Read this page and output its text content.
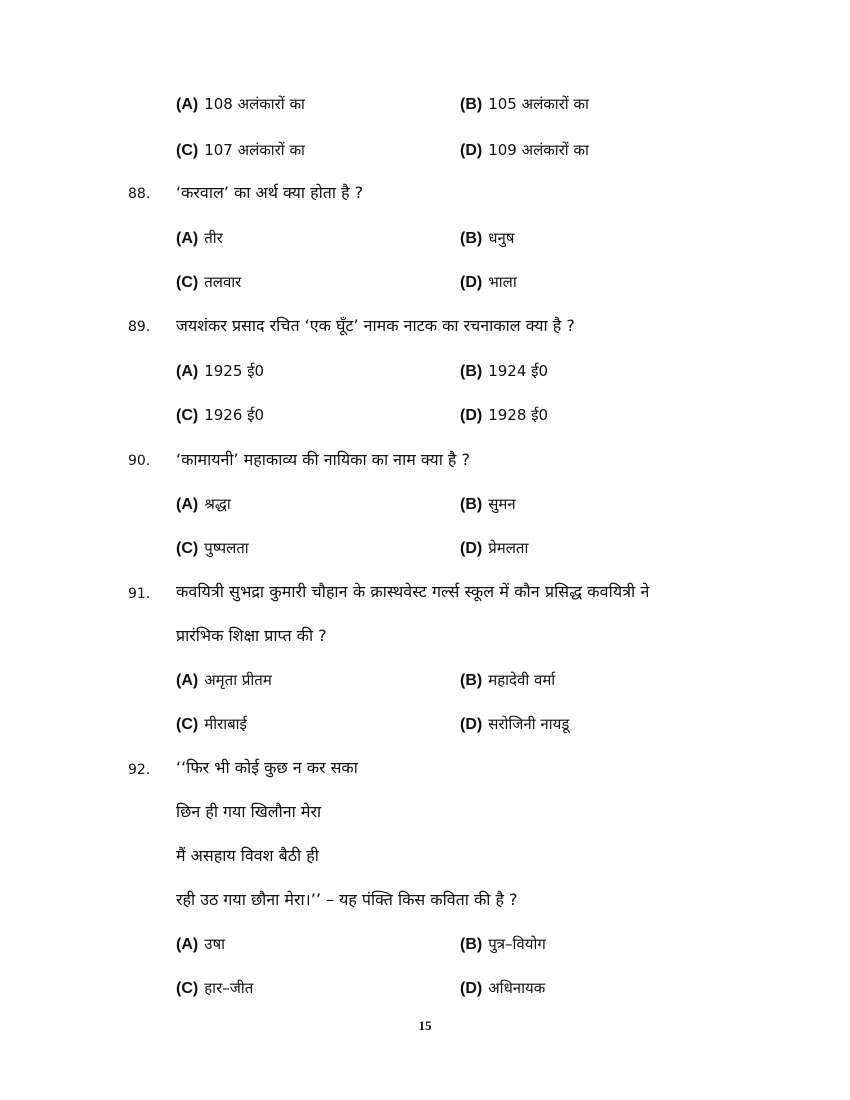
(A) 108 अलंकारों का	(B) 105 अलंकारों का
(C) 107 अलंकारों का	(D) 109 अलंकारों का
88. ‘करवाल’ का अर्थ क्या होता है ?
(A) तीर	(B) धनुष
(C) तलवार	(D) भाला
89. जयशंकर प्रसाद रचित ‘एक घूँट’ नामक नाटक का रचनाकाल क्या है ?
(A) 1925 ई0	(B) 1924 ई0
(C) 1926 ई0	(D) 1928 ई0
90. ‘कामायनी’ महाकाव्य की नायिका का नाम क्या है ?
(A) श्रद्धा	(B) सुमन
(C) पुष्पलता	(D) प्रेमलता
91. कवयित्री सुभद्रा कुमारी चौहान के क्रास्थवेस्ट गर्ल्स स्कूल में कौन प्रसिद्ध कवयित्री ने
प्रारंभिक शिक्षा प्राप्त की ?
(A) अमृता प्रीतम	(B) महादेवी वर्मा
(C) मीराबाई	(D) सरोजिनी नायडू
92. ‘‘फिर भी कोई कुछ न कर सका
छिन ही गया खिलौना मेरा
मैं असहाय विवश बैठी ही
रही उठ गया छौना मेरा।’’ – यह पंक्ति किस कविता की है ?
(A) उषा	(B) पुत्र–वियोग
(C) हार–जीत	(D) अधिनायक
15
